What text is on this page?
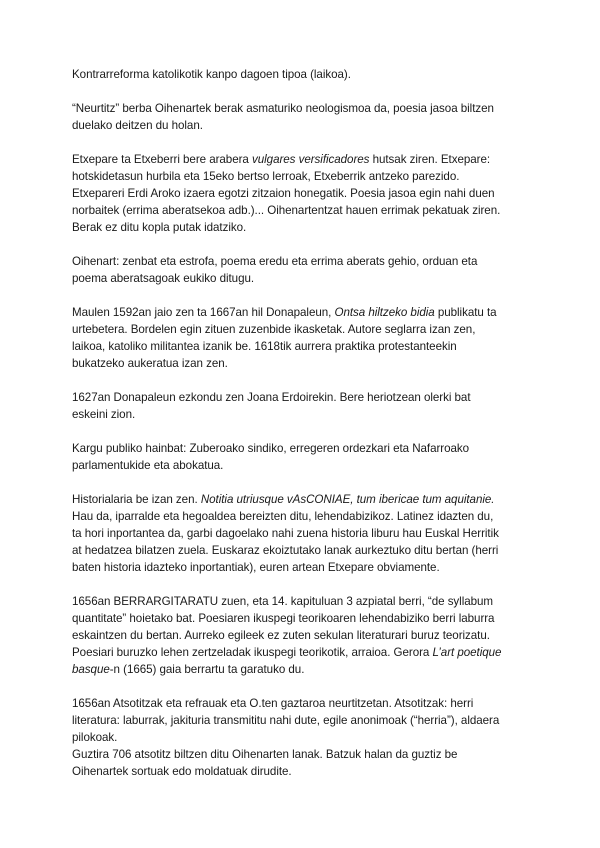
Kontrarreforma katolikotik kanpo dagoen tipoa (laikoa).

“Neurtitz” berba Oihenartek berak asmaturiko neologismoa da, poesia jasoa biltzen
duelako deitzen du holan.

Etxepare ta Etxeberri bere arabera vulgares versificadores hutsak ziren. Etxepare:
hotskidetasun hurbila eta 15eko bertso lerroak, Etxeberrik antzeko parezido.
Etxepareri Erdi Aroko izaera egotzi zitzaion honegatik. Poesia jasoa egin nahi duen
norbaitek (errima aberatsekoa adb.)... Oihenartentzat hauen errimak pekatuak ziren.
Berak ez ditu kopla putak idatziko.

Oihenart: zenbat eta estrofa, poema eredu eta errima aberats gehio, orduan eta
poema aberatsagoak eukiko ditugu.

Maulen 1592an jaio zen ta 1667an hil Donapaleun, Ontsa hiltzeko bidia publikatu ta
urtebetera. Bordelen egin zituen zuzenbide ikasketak. Autore seglarra izan zen,
laikoa, katoliko militantea izanik be. 1618tik aurrera praktika protestanteekin
bukatzeko aukeratua izan zen.

1627an Donapaleun ezkondu zen Joana Erdoirekin. Bere heriotzean olerki bat
eskeini zion.

Kargu publiko hainbat: Zuberoako sindiko, erregeren ordezkari eta Nafarroako
parlamentukide eta abokatua.

Historialaria be izan zen. Notitia utriusque vAsCONIAE, tum ibericae tum aquitanie.
Hau da, iparralde eta hegoaldea bereizten ditu, lehendabizikoz. Latinez idazten du,
ta hori inportantea da, garbi dagoelako nahi zuena historia liburu hau Euskal Herritik
at hedatzea bilatzen zuela. Euskaraz ekoiztutako lanak aurkeztuko ditu bertan (herri
baten historia idazteko inportantiak), euren artean Etxepare obviamente.

1656an BERRARGITARATU zuen, eta 14. kapituluan 3 azpiatal berri, “de syllabum
quantitate” hoietako bat. Poesiaren ikuspegi teorikoaren lehendabiziko berri laburra
eskaintzen du bertan. Aurreko egileek ez zuten sekulan literaturari buruz teorizatu.
Poesiari buruzko lehen zertzeladak ikuspegi teorikotik, arraioa. Gerora L’art poetique
basque-n (1665) gaia berrartu ta garatuko du.

1656an Atsotitzak eta refrauak eta O.ten gaztaroa neurtitzetan. Atsotitzak: herri
literatura: laburrak, jakituria transmititu nahi dute, egile anonimoak (“herria”), aldaera
pilokoak.
Guztira 706 atsotitz biltzen ditu Oihenarten lanak. Batzuk halan da guztiz be
Oihenartek sortuak edo moldatuak dirudite.
